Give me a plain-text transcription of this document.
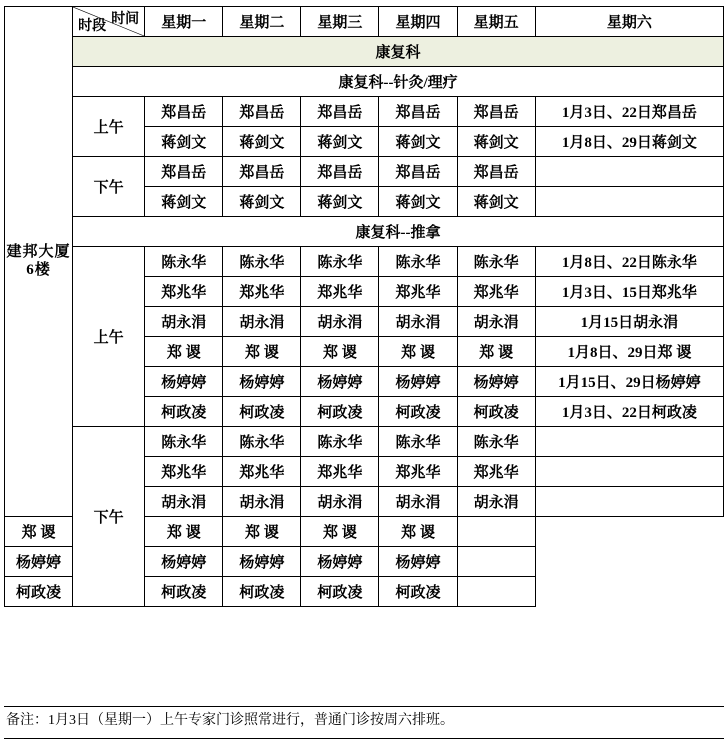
建邦大厦6楼	时间
时段	星期一	星期二	星期三	星期四	星期五	星期六
	康复科						
	康复科--针灸/理疗						
	上午	郑昌岳	郑昌岳	郑昌岳	郑昌岳	郑昌岳	1月3日、22日郑昌岳
		蒋剑文	蒋剑文	蒋剑文	蒋剑文	蒋剑文	1月8日、29日蒋剑文
	下午	郑昌岳	郑昌岳	郑昌岳	郑昌岳	郑昌岳	
		蒋剑文	蒋剑文	蒋剑文	蒋剑文	蒋剑文	
	康复科--推拿						
	上午	陈永华	陈永华	陈永华	陈永华	陈永华	1月8日、22日陈永华
		郑兆华	郑兆华	郑兆华	郑兆华	郑兆华	1月3日、15日郑兆华
		胡永涓	胡永涓	胡永涓	胡永涓	胡永涓	1月15日胡永涓
		郑 谡	郑 谡	郑 谡	郑 谡	郑 谡	1月8日、29日郑 谡
		杨婷婷	杨婷婷	杨婷婷	杨婷婷	杨婷婷	1月15日、29日杨婷婷
		柯政凌	柯政凌	柯政凌	柯政凌	柯政凌	1月3日、22日柯政凌
	下午	陈永华	陈永华	陈永华	陈永华	陈永华	
		郑兆华	郑兆华	郑兆华	郑兆华	郑兆华	
		胡永涓	胡永涓	胡永涓	胡永涓	胡永涓	
郑 谡		郑 谡	郑 谡	郑 谡	郑 谡		
杨婷婷		杨婷婷	杨婷婷	杨婷婷	杨婷婷		
柯政凌		柯政凌	柯政凌	柯政凌	柯政凌		
备注：1月3日（星期一）上午专家门诊照常进行，普通门诊按周六排班。
